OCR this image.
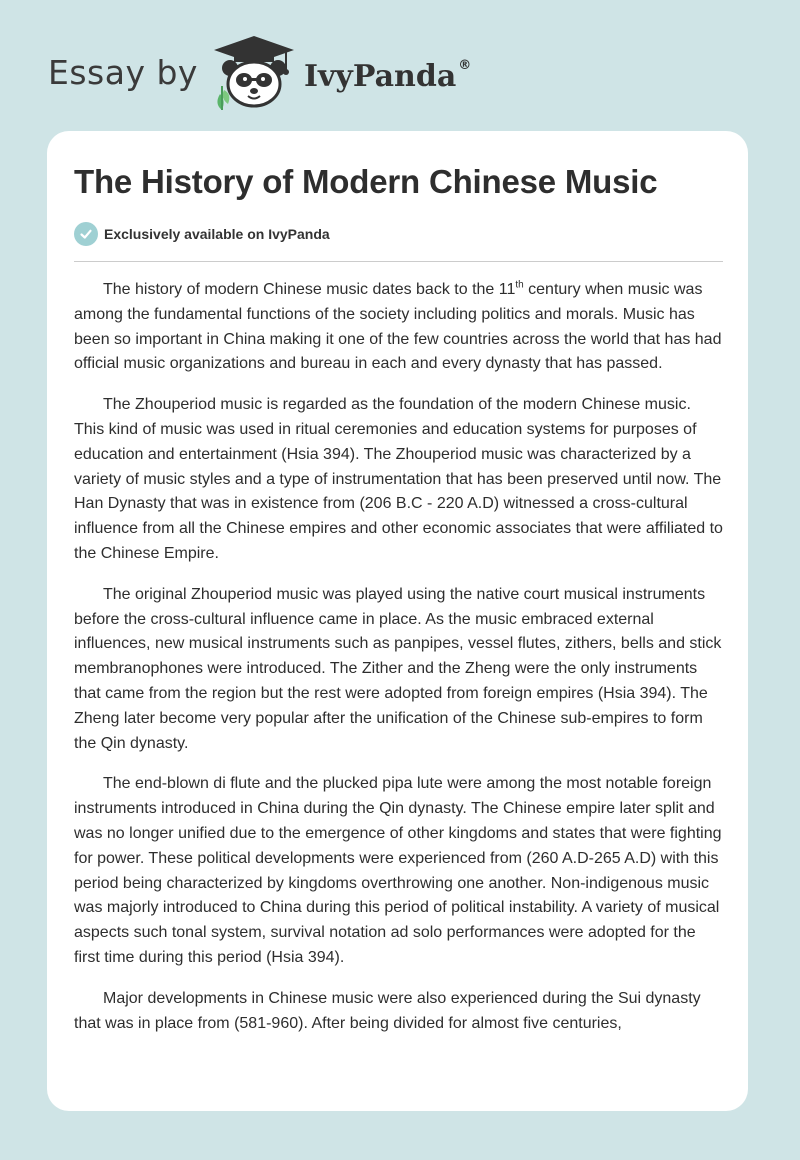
Essay by	IvyPanda ®
The History of Modern Chinese Music
Exclusively available on IvyPanda

The history of modern Chinese music dates back to the 11th century when music was among the fundamental functions of the society including politics and morals. Music has been so important in China making it one of the few countries across the world that has had official music organizations and bureau in each and every dynasty that has passed.

The Zhouperiod music is regarded as the foundation of the modern Chinese music. This kind of music was used in ritual ceremonies and education systems for purposes of education and entertainment (Hsia 394). The Zhouperiod music was characterized by a variety of music styles and a type of instrumentation that has been preserved until now. The Han Dynasty that was in existence from (206 B.C - 220 A.D) witnessed a cross-cultural influence from all the Chinese empires and other economic associates that were affiliated to the Chinese Empire.

The original Zhouperiod music was played using the native court musical instruments before the cross-cultural influence came in place. As the music embraced external influences, new musical instruments such as panpipes, vessel flutes, zithers, bells and stick membranophones were introduced. The Zither and the Zheng were the only instruments that came from the region but the rest were adopted from foreign empires (Hsia 394). The Zheng later become very popular after the unification of the Chinese sub-empires to form the Qin dynasty.

The end-blown di flute and the plucked pipa lute were among the most notable foreign instruments introduced in China during the Qin dynasty. The Chinese empire later split and was no longer unified due to the emergence of other kingdoms and states that were fighting for power. These political developments were experienced from (260 A.D-265 A.D) with this period being characterized by kingdoms overthrowing one another. Non-indigenous music was majorly introduced to China during this period of political instability. A variety of musical aspects such tonal system, survival notation ad solo performances were adopted for the first time during this period (Hsia 394).

Major developments in Chinese music were also experienced during the Sui dynasty that was in place from (581-960). After being divided for almost five centuries,
